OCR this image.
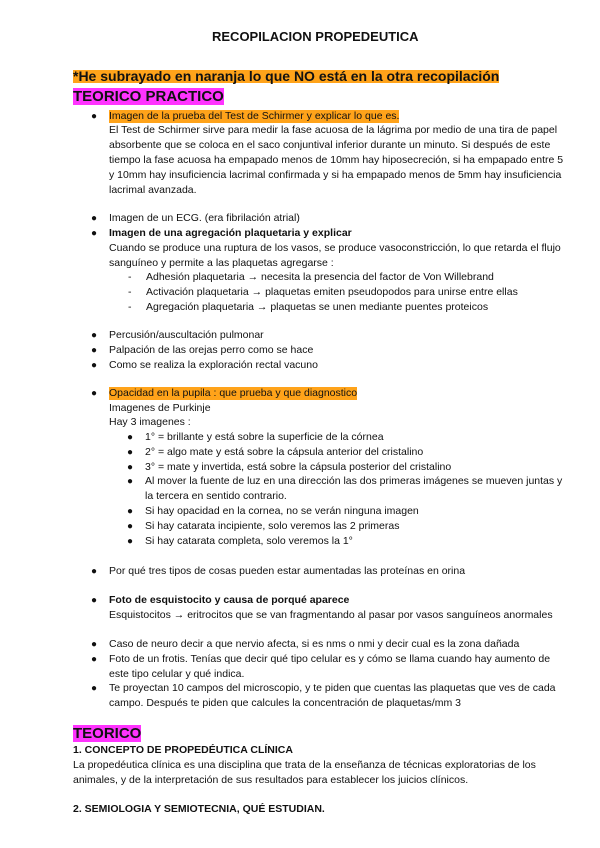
RECOPILACION PROPEDEUTICA
*He subrayado en naranja lo que NO está en la otra recopilación
TEORICO PRACTICO
● Imagen de la prueba del Test de Schirmer y explicar lo que es.
El Test de Schirmer sirve para medir la fase acuosa de la lágrima por medio de una tira de papel
absorbente que se coloca en el saco conjuntival inferior durante un minuto. Si después de este
tiempo la fase acuosa ha empapado menos de 10mm hay hiposecreción, si ha empapado entre 5
y 10mm hay insuficiencia lacrimal confirmada y si ha empapado menos de 5mm hay insuficiencia
lacrimal avanzada.
● Imagen de un ECG. (era fibrilación atrial)
● Imagen de una agregación plaquetaria y explicar
Cuando se produce una ruptura de los vasos, se produce vasoconstricción, lo que retarda el flujo
sanguíneo y permite a las plaquetas agregarse :
- Adhesión plaquetaria → necesita la presencia del factor de Von Willebrand
- Activación plaquetaria → plaquetas emiten pseudopodos para unirse entre ellas
- Agregación plaquetaria → plaquetas se unen mediante puentes proteicos
● Percusión/auscultación pulmonar
● Palpación de las orejas perro como se hace
● Como se realiza la exploración rectal vacuno
● Opacidad en la pupila : que prueba y que diagnostico
Imagenes de Purkinje
Hay 3 imagenes :
● 1° = brillante y está sobre la superficie de la córnea
● 2° = algo mate y está sobre la cápsula anterior del cristalino
● 3° = mate y invertida, está sobre la cápsula posterior del cristalino
● Al mover la fuente de luz en una dirección las dos primeras imágenes se mueven juntas y
la tercera en sentido contrario.
● Si hay opacidad en la cornea, no se verán ninguna imagen
● Si hay catarata incipiente, solo veremos las 2 primeras
● Si hay catarata completa, solo veremos la 1°
● Por qué tres tipos de cosas pueden estar aumentadas las proteínas en orina
● Foto de esquistocito y causa de porqué aparece
Esquistocitos → eritrocitos que se van fragmentando al pasar por vasos sanguíneos anormales
● Caso de neuro decir a que nervio afecta, si es nms o nmi y decir cual es la zona dañada
● Foto de un frotis. Tenías que decir qué tipo celular es y cómo se llama cuando hay aumento de
este tipo celular y qué indica.
● Te proyectan 10 campos del microscopio, y te piden que cuentas las plaquetas que ves de cada
campo. Después te piden que calcules la concentración de plaquetas/mm 3
TEORICO
1. CONCEPTO DE PROPEDÉUTICA CLÍNICA
La propedéutica clínica es una disciplina que trata de la enseñanza de técnicas exploratorias de los
animales, y de la interpretación de sus resultados para establecer los juicios clínicos.
2. SEMIOLOGIA Y SEMIOTECNIA, QUÉ ESTUDIAN.
